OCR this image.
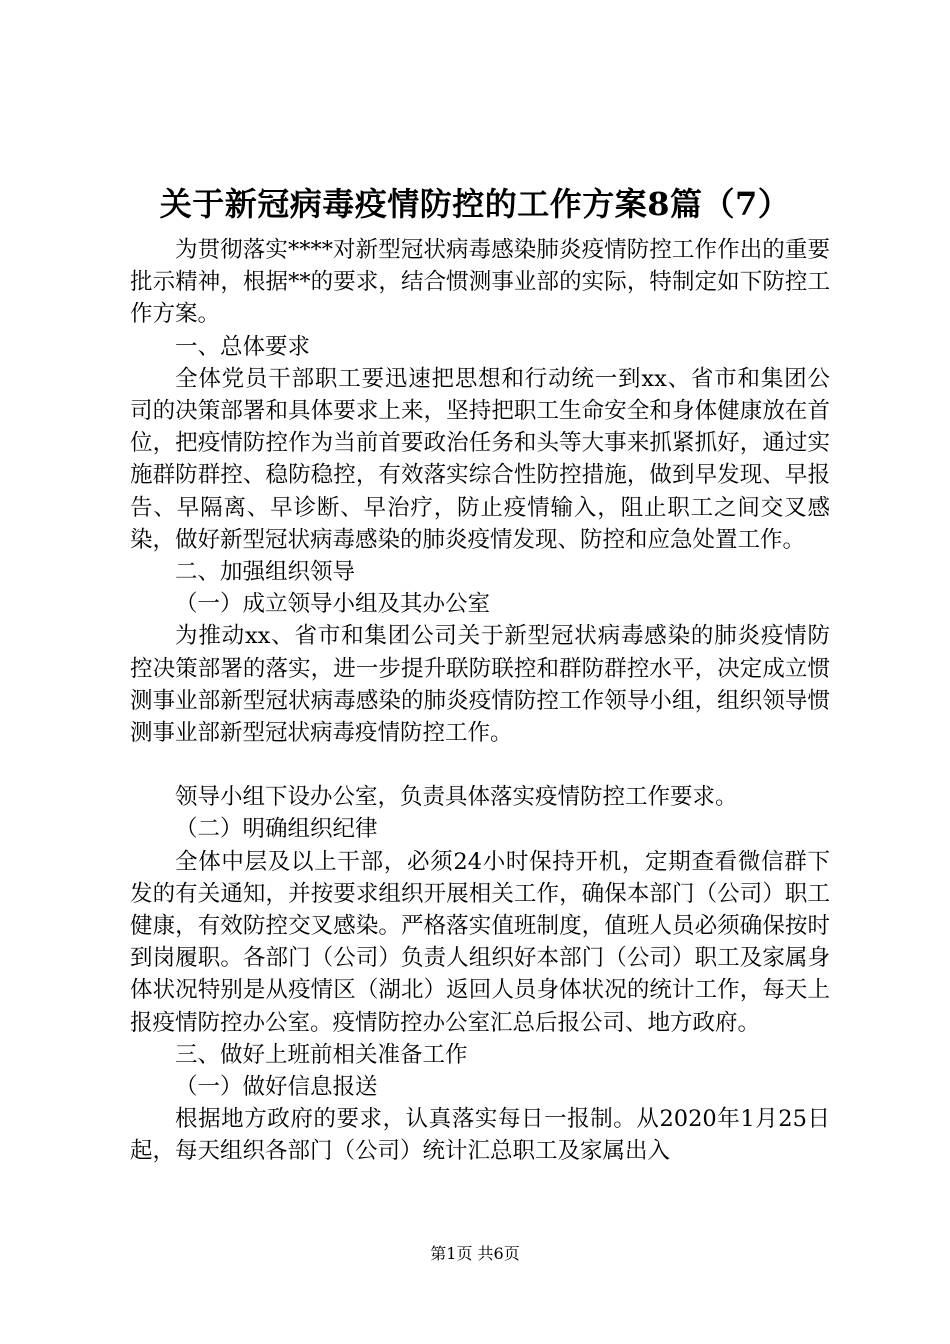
关于新冠病毒疫情防控的工作方案8篇（7）

为贯彻落实****对新型冠状病毒感染肺炎疫情防控工作作出的重要批示精神，根据**的要求，结合惯测事业部的实际，特制定如下防控工作方案。

一、总体要求

全体党员干部职工要迅速把思想和行动统一到xx、省市和集团公司的决策部署和具体要求上来，坚持把职工生命安全和身体健康放在首位，把疫情防控作为当前首要政治任务和头等大事来抓紧抓好，通过实施群防群控、稳防稳控，有效落实综合性防控措施，做到早发现、早报告、早隔离、早诊断、早治疗，防止疫情输入，阻止职工之间交叉感染，做好新型冠状病毒感染的肺炎疫情发现、防控和应急处置工作。

二、加强组织领导

（一）成立领导小组及其办公室

为推动xx、省市和集团公司关于新型冠状病毒感染的肺炎疫情防控决策部署的落实，进一步提升联防联控和群防群控水平，决定成立惯测事业部新型冠状病毒感染的肺炎疫情防控工作领导小组，组织领导惯测事业部新型冠状病毒疫情防控工作。

领导小组下设办公室，负责具体落实疫情防控工作要求。

（二）明确组织纪律

全体中层及以上干部，必须24小时保持开机，定期查看微信群下发的有关通知，并按要求组织开展相关工作，确保本部门（公司）职工健康，有效防控交叉感染。严格落实值班制度，值班人员必须确保按时到岗履职。各部门（公司）负责人组织好本部门（公司）职工及家属身体状况特别是从疫情区（湖北）返回人员身体状况的统计工作，每天上报疫情防控办公室。疫情防控办公室汇总后报公司、地方政府。

三、做好上班前相关准备工作

（一）做好信息报送

根据地方政府的要求，认真落实每日一报制。从2020年1月25日起，每天组织各部门（公司）统计汇总职工及家属出入

第1页 共6页
